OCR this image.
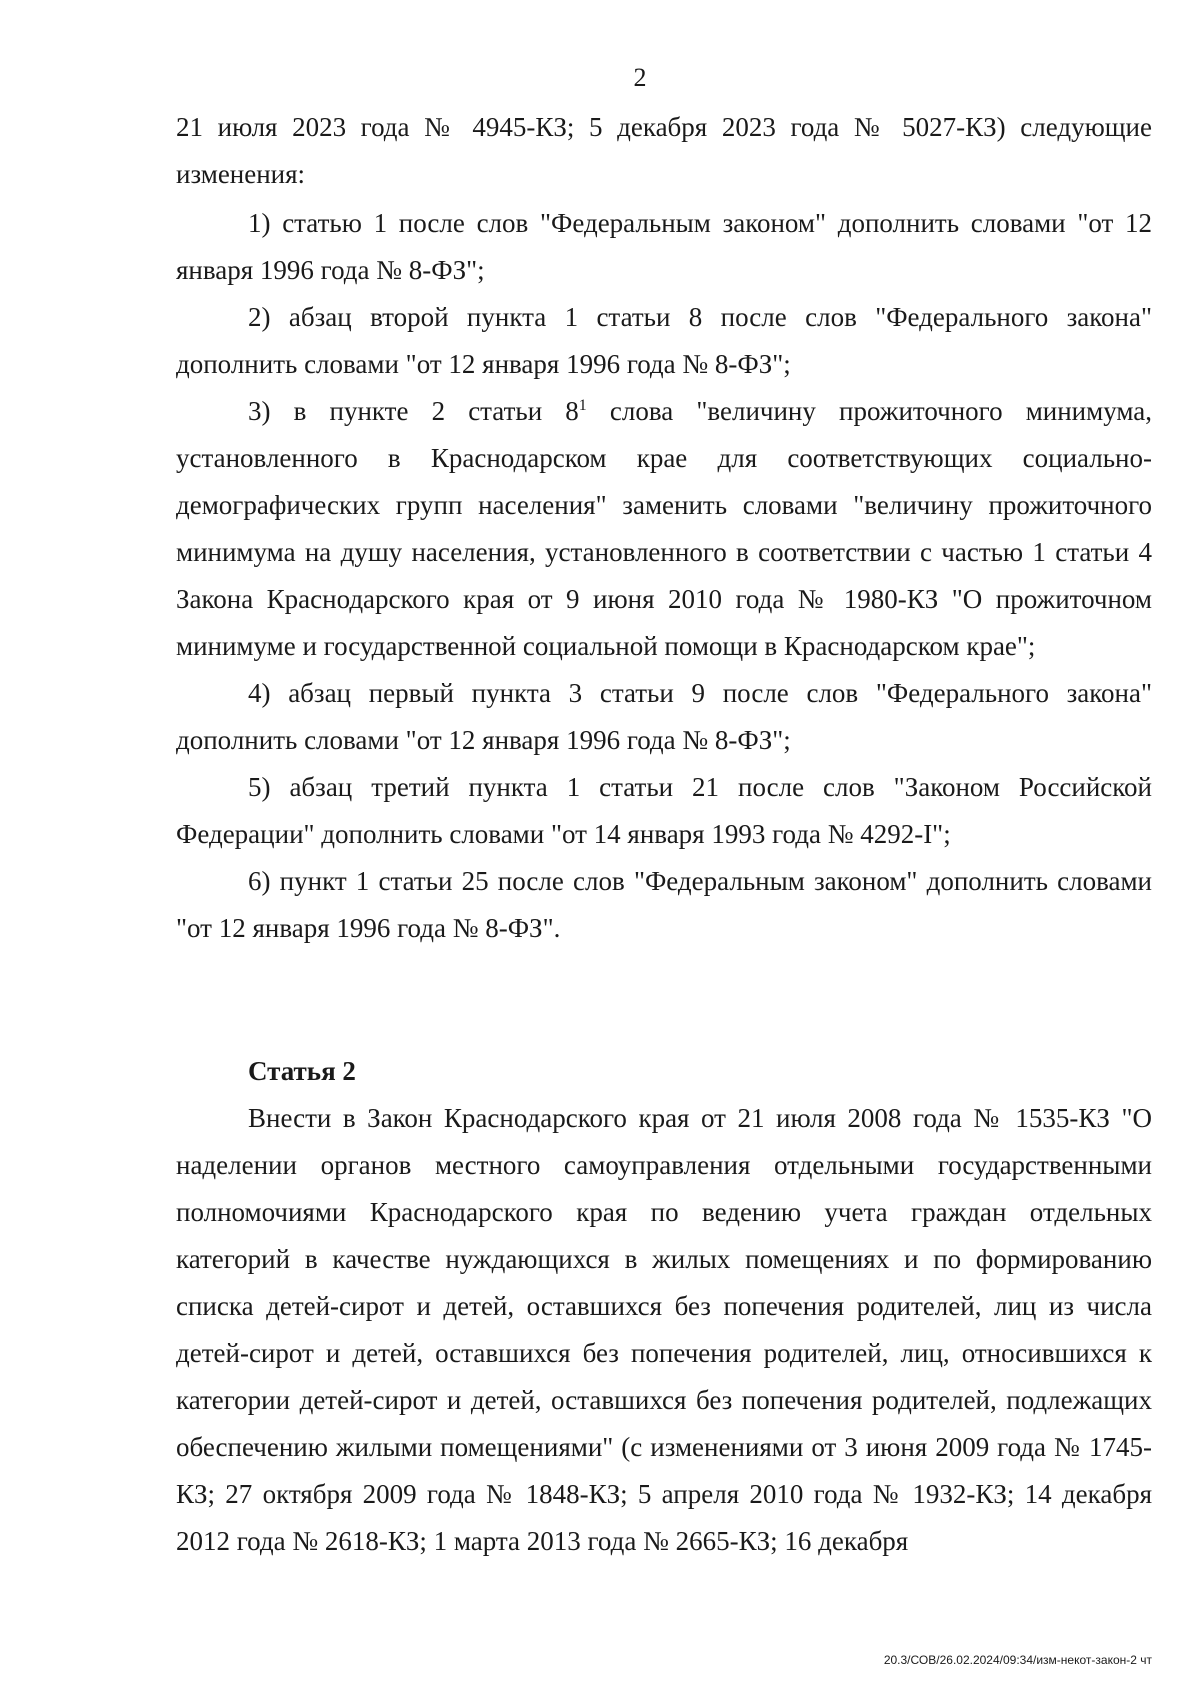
2

21 июля 2023 года № 4945-КЗ; 5 декабря 2023 года № 5027-КЗ) следующие изменения:

1) статью 1 после слов "Федеральным законом" дополнить словами "от 12 января 1996 года № 8-ФЗ";

2) абзац второй пункта 1 статьи 8 после слов "Федерального закона" дополнить словами "от 12 января 1996 года № 8-ФЗ";

3) в пункте 2 статьи $8^1$ слова "величину прожиточного минимума, установленного в Краснодарском крае для соответствующих социально-демографических групп населения" заменить словами "величину прожиточного минимума на душу населения, установленного в соответствии с частью 1 статьи 4 Закона Краснодарского края от 9 июня 2010 года № 1980-КЗ "О прожиточном минимуме и государственной социальной помощи в Краснодарском крае";

4) абзац первый пункта 3 статьи 9 после слов "Федерального закона" дополнить словами "от 12 января 1996 года № 8-ФЗ";

5) абзац третий пункта 1 статьи 21 после слов "Законом Российской Федерации" дополнить словами "от 14 января 1993 года № 4292-I";

6) пункт 1 статьи 25 после слов "Федеральным законом" дополнить словами "от 12 января 1996 года № 8-ФЗ".

Статья 2

Внести в Закон Краснодарского края от 21 июля 2008 года № 1535-КЗ "О наделении органов местного самоуправления отдельными государственными полномочиями Краснодарского края по ведению учета граждан отдельных категорий в качестве нуждающихся в жилых помещениях и по формированию списка детей-сирот и детей, оставшихся без попечения родителей, лиц из числа детей-сирот и детей, оставшихся без попечения родителей, лиц, относившихся к категории детей-сирот и детей, оставшихся без попечения родителей, подлежащих обеспечению жилыми помещениями" (с изменениями от 3 июня 2009 года № 1745-КЗ; 27 октября 2009 года № 1848-КЗ; 5 апреля 2010 года № 1932-КЗ; 14 декабря 2012 года № 2618-КЗ; 1 марта 2013 года № 2665-КЗ; 16 декабря

20.3/СОВ/26.02.2024/09:34/изм-некот-закон-2 чт
